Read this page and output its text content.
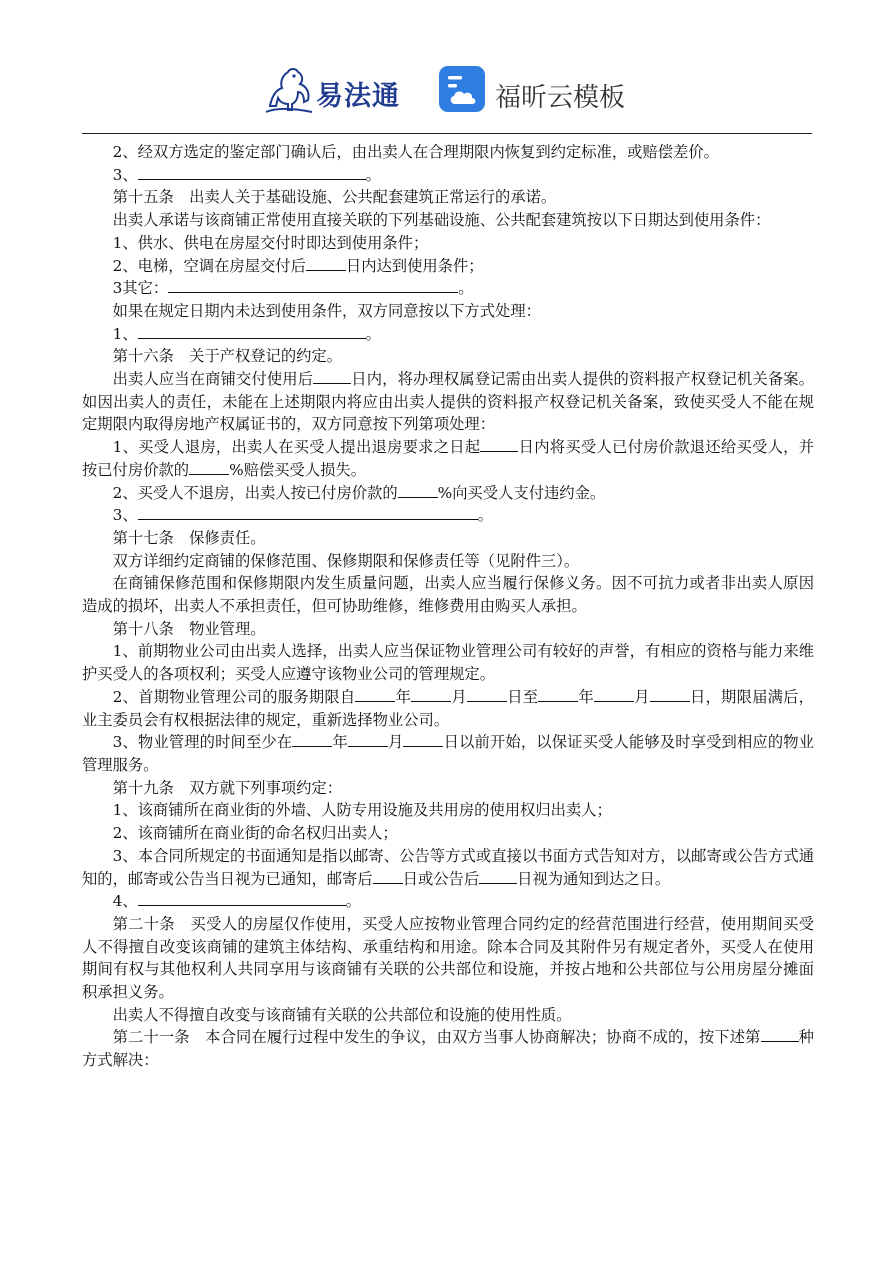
易法通	福昕云模板

2、经双方选定的鉴定部门确认后，由出卖人在合理期限内恢复到约定标准，或赔偿差价。

3、	。

第十五条　出卖人关于基础设施、公共配套建筑正常运行的承诺。

出卖人承诺与该商铺正常使用直接关联的下列基础设施、公共配套建筑按以下日期达到使用条件：

1、供水、供电在房屋交付时即达到使用条件；

2、电梯，空调在房屋交付后	日内达到使用条件；

3其它：	。

如果在规定日期内未达到使用条件，双方同意按以下方式处理：

1、	。

第十六条　关于产权登记的约定。

出卖人应当在商铺交付使用后 日内，将办理权属登记需由出卖人提供的资料报产权登记机关备案。如因出卖人的责任，未能在上述期限内将应由出卖人提供的资料报产权登记机关备案，致使买受人不能在规定期限内取得房地产权属证书的，双方同意按下列第项处理：

1、买受人退房，出卖人在买受人提出退房要求之日起 日内将买受人已付房价款退还给买受人，并按已付房价款的	%赔偿买受人损失。

2、买受人不退房，出卖人按已付房价款的	%向买受人支付违约金。

3、	。

第十七条　保修责任。

双方详细约定商铺的保修范围、保修期限和保修责任等（见附件三）。

在商铺保修范围和保修期限内发生质量问题，出卖人应当履行保修义务。因不可抗力或者非出卖人原因造成的损坏，出卖人不承担责任，但可协助维修，维修费用由购买人承担。

第十八条　物业管理。

1、前期物业公司由出卖人选择，出卖人应当保证物业管理公司有较好的声誉，有相应的资格与能力来维护买受人的各项权利；买受人应遵守该物业公司的管理规定。

2、首期物业管理公司的服务期限自	年	月	日至	年	月	日，期限届满后，业主委员会有权根据法律的规定，重新选择物业公司。

3、物业管理的时间至少在	年	月	日以前开始，以保证买受人能够及时享受到相应的物业管理服务。

第十九条　双方就下列事项约定：

1、该商铺所在商业街的外墙、人防专用设施及共用房的使用权归出卖人；

2、该商铺所在商业街的命名权归出卖人；

3、本合同所规定的书面通知是指以邮寄、公告等方式或直接以书面方式告知对方，以邮寄或公告方式通知的，邮寄或公告当日视为已通知，邮寄后 日或公告后 日视为通知到达之日。

4、	。

第二十条　买受人的房屋仅作使用，买受人应按物业管理合同约定的经营范围进行经营，使用期间买受人不得擅自改变该商铺的建筑主体结构、承重结构和用途。除本合同及其附件另有规定者外，买受人在使用期间有权与其他权利人共同享用与该商铺有关联的公共部位和设施，并按占地和公共部位与公用房屋分摊面积承担义务。

出卖人不得擅自改变与该商铺有关联的公共部位和设施的使用性质。

第二十一条　本合同在履行过程中发生的争议，由双方当事人协商解决；协商不成的，按下述第 种方式解决：
